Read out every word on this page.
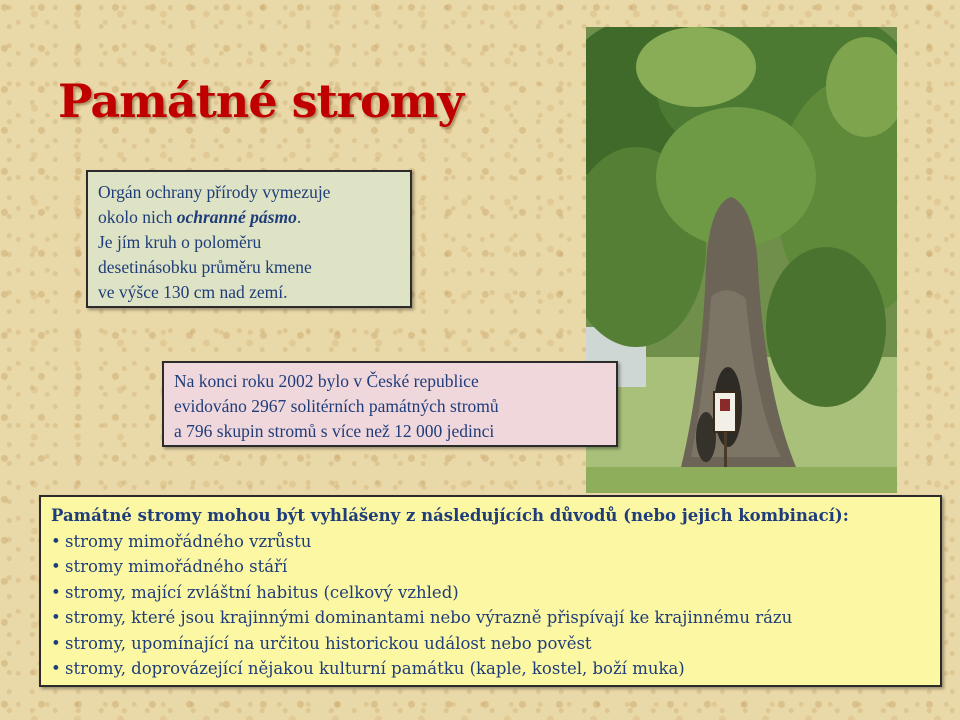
Památné stromy
Orgán ochrany přírody vymezuje
okolo nich ochranné pásmo.
Je jím kruh o poloměru
desetinásobku průměru kmene
ve výšce 130 cm nad zemí.
Na konci roku 2002 bylo v České republice
evidováno 2967 solitérních památných stromů
a 796 skupin stromů s více než 12 000 jedinci
Památné stromy mohou být vyhlášeny z následujících důvodů (nebo jejich kombinací):
• stromy mimořádného vzrůstu
• stromy mimořádného stáří
• stromy, mající zvláštní habitus (celkový vzhled)
• stromy, které jsou krajinnými dominantami nebo výrazně přispívají ke krajinnému rázu
• stromy, upomínající na určitou historickou událost nebo pověst
• stromy, doprovázející nějakou kulturní památku (kaple, kostel, boží muka)
